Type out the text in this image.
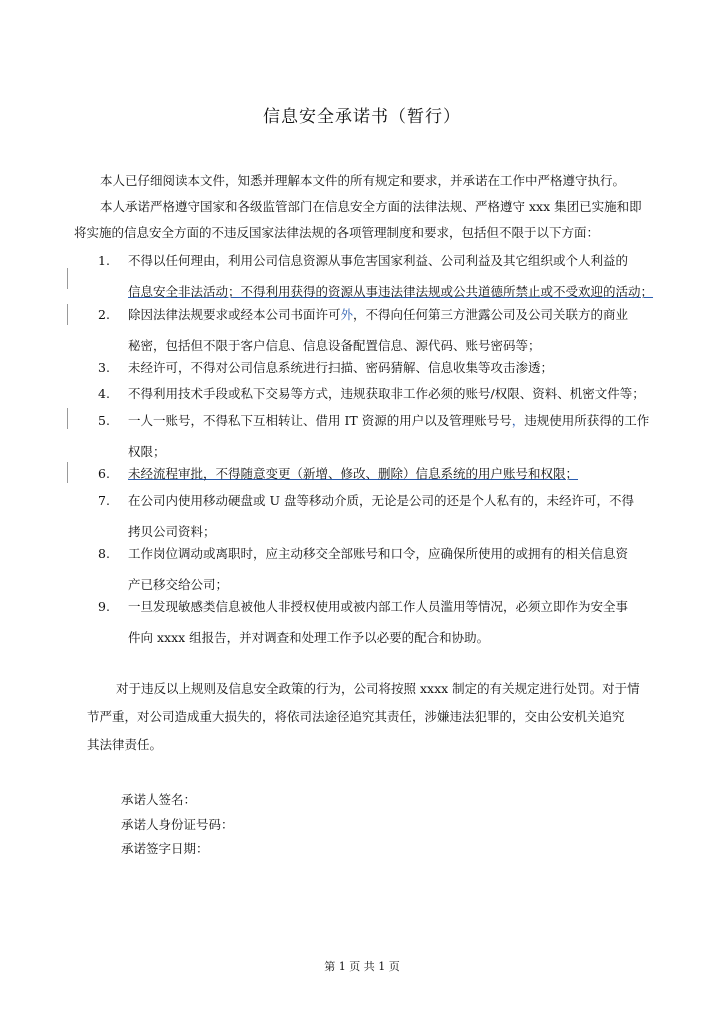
信息安全承诺书（暂行）
本人已仔细阅读本文件，知悉并理解本文件的所有规定和要求，并承诺在工作中严格遵守执行。
本人承诺严格遵守国家和各级监管部门在信息安全方面的法律法规、严格遵守 xxx 集团已实施和即
将实施的信息安全方面的不违反国家法律法规的各项管理制度和要求，包括但不限于以下方面：
1.	不得以任何理由，利用公司信息资源从事危害国家利益、公司利益及其它组织或个人利益的
信息安全非法活动；不得利用获得的资源从事违法律法规或公共道德所禁止或不受欢迎的活动；
2.	除因法律法规要求或经本公司书面许可外，不得向任何第三方泄露公司及公司关联方的商业
秘密，包括但不限于客户信息、信息设备配置信息、源代码、账号密码等；
3.	未经许可，不得对公司信息系统进行扫描、密码猜解、信息收集等攻击渗透；
4.	不得利用技术手段或私下交易等方式，违规获取非工作必须的账号/权限、资料、机密文件等；
5.	一人一账号，不得私下互相转让、借用 IT 资源的用户以及管理账号号，违规使用所获得的工作
权限；
6.	未经流程审批，不得随意变更（新增、修改、删除）信息系统的用户账号和权限；
7.	在公司内使用移动硬盘或 U 盘等移动介质，无论是公司的还是个人私有的，未经许可，不得
拷贝公司资料；
8.	工作岗位调动或离职时，应主动移交全部账号和口令，应确保所使用的或拥有的相关信息资
产已移交给公司；
9.	一旦发现敏感类信息被他人非授权使用或被内部工作人员滥用等情况，必须立即作为安全事
件向 xxxx 组报告，并对调查和处理工作予以必要的配合和协助。
对于违反以上规则及信息安全政策的行为，公司将按照 xxxx 制定的有关规定进行处罚。对于情
节严重，对公司造成重大损失的，将依司法途径追究其责任，涉嫌违法犯罪的，交由公安机关追究
其法律责任。
承诺人签名：
承诺人身份证号码：
承诺签字日期：
第 1 页 共 1 页
